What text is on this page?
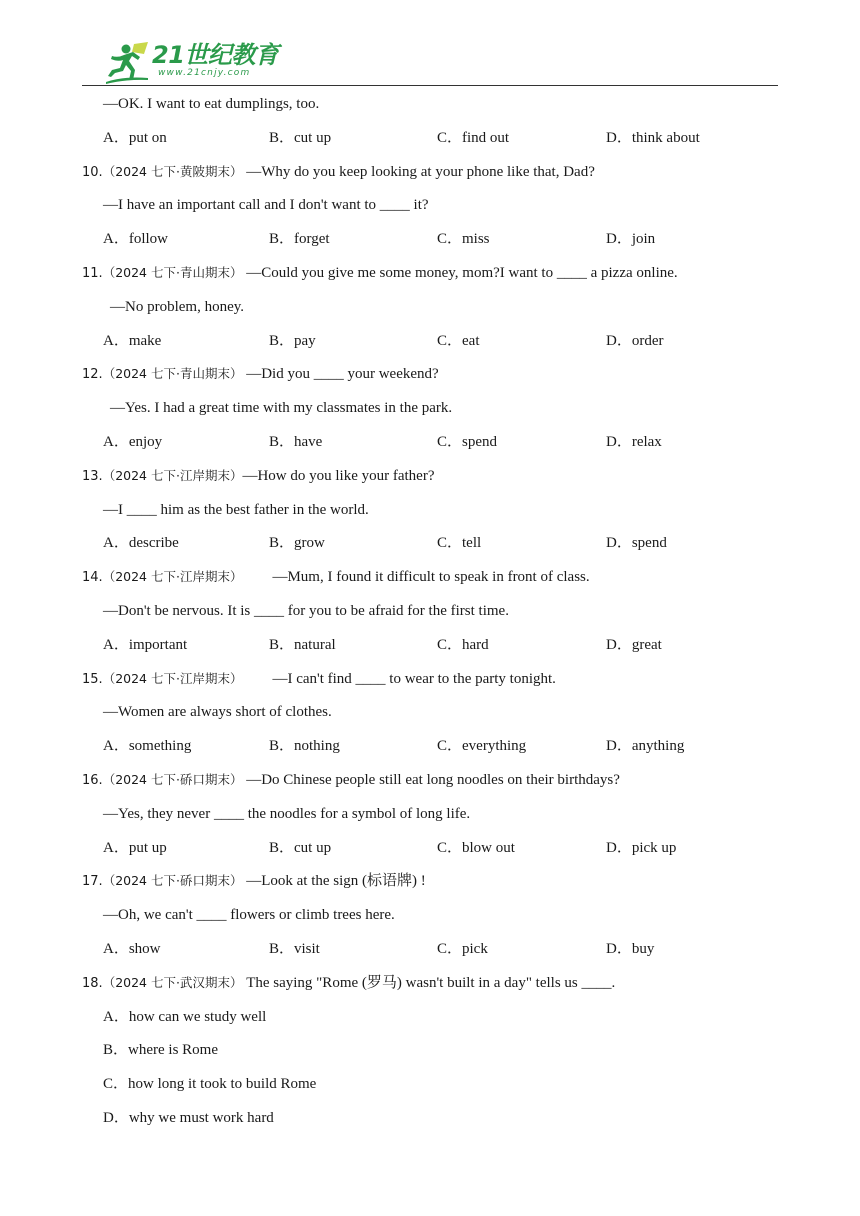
21世纪教育
www.21cnjy.com
—OK. I want to eat dumplings, too.
A．put on	B．cut up	C．find out	D．think about
10.（2024 七下·黄陂期末） —Why do you keep looking at your phone like that, Dad?
—I have an important call and I don't want to ____ it?
A．follow	B．forget	C．miss	D．join
11.（2024 七下·青山期末） —Could you give me some money, mom?I want to ____ a pizza online.
—No problem, honey.
A．make	B．pay	C．eat	D．order
12.（2024 七下·青山期末） —Did you ____ your weekend?
—Yes. I had a great time with my classmates in the park.
A．enjoy	B．have	C．spend	D．relax
13.（2024 七下·江岸期末）—How do you like your father?
—I ____ him as the best father in the world.
A．describe	B．grow	C．tell	D．spend
14.（2024 七下·江岸期末）        —Mum, I found it difficult to speak in front of class.
—Don't be nervous. It is ____ for you to be afraid for the first time.
A．important	B．natural	C．hard	D．great
15.（2024 七下·江岸期末）        —I can't find ____ to wear to the party tonight.
—Women are always short of clothes.
A．something	B．nothing	C．everything	D．anything
16.（2024 七下·硚口期末） —Do Chinese people still eat long noodles on their birthdays?
—Yes, they never ____ the noodles for a symbol of long life.
A．put up	B．cut up	C．blow out	D．pick up
17.（2024 七下·硚口期末） —Look at the sign (标语牌) !
—Oh, we can't ____ flowers or climb trees here.
A．show	B．visit	C．pick	D．buy
18.（2024 七下·武汉期末） The saying "Rome (罗马) wasn't built in a day" tells us ____.
A．how can we study well
B．where is Rome
C．how long it took to build Rome
D．why we must work hard
